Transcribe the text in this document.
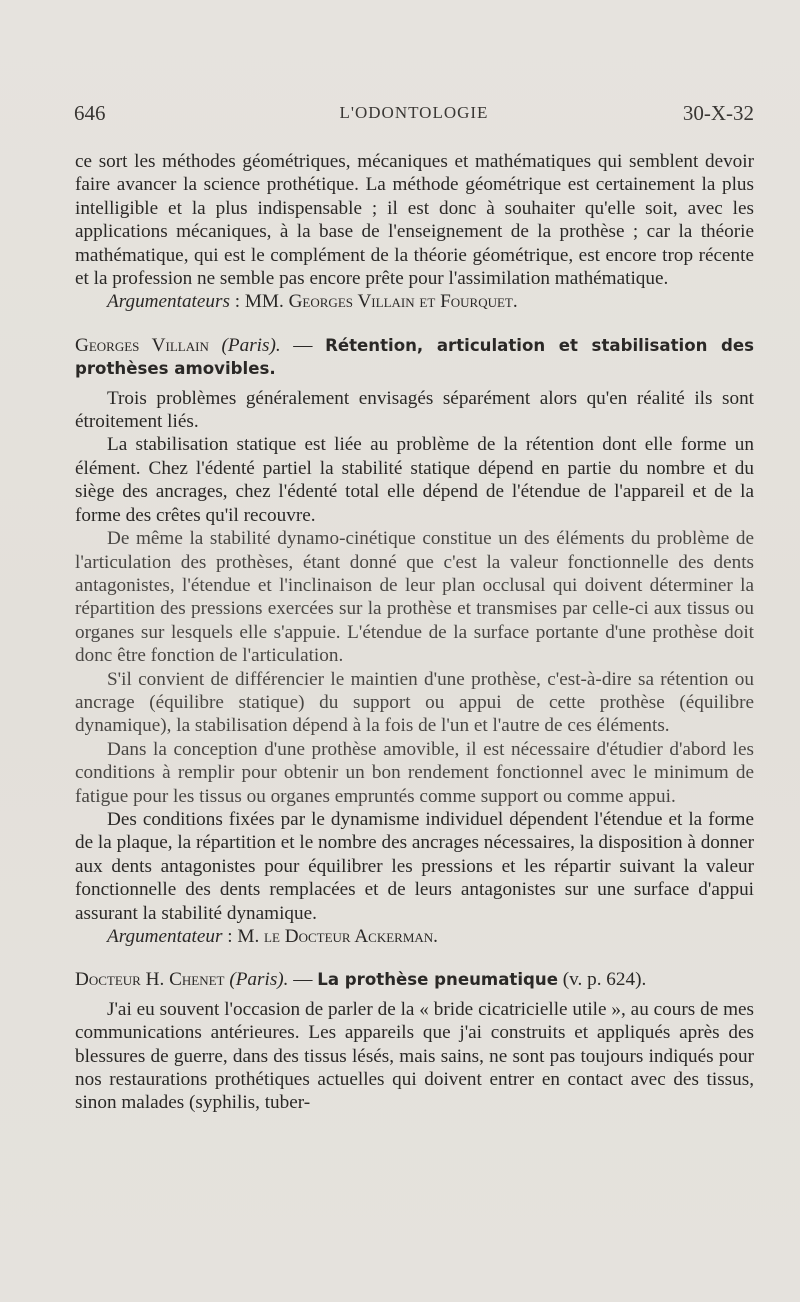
646	L'ODONTOLOGIE	30-X-32

ce sort les méthodes géométriques, mécaniques et mathématiques qui semblent devoir faire avancer la science prothétique. La méthode géométrique est certainement la plus intelligible et la plus indispensable ; il est donc à souhaiter qu'elle soit, avec les applications mécaniques, à la base de l'enseignement de la prothèse ; car la théorie mathématique, qui est le complément de la théorie géométrique, est encore trop récente et la profession ne semble pas encore prête pour l'assimilation mathématique.

Argumentateurs : MM. Georges Villain et Fourquet.

Georges Villain (Paris). — Rétention, articulation et stabilisation des prothèses amovibles.

Trois problèmes généralement envisagés séparément alors qu'en réalité ils sont étroitement liés.

La stabilisation statique est liée au problème de la rétention dont elle forme un élément. Chez l'édenté partiel la stabilité statique dépend en partie du nombre et du siège des ancrages, chez l'édenté total elle dépend de l'étendue de l'appareil et de la forme des crêtes qu'il recouvre.

De même la stabilité dynamo-cinétique constitue un des éléments du problème de l'articulation des prothèses, étant donné que c'est la valeur fonctionnelle des dents antagonistes, l'étendue et l'inclinaison de leur plan occlusal qui doivent déterminer la répartition des pressions exercées sur la prothèse et transmises par celle-ci aux tissus ou organes sur lesquels elle s'appuie. L'étendue de la surface portante d'une prothèse doit donc être fonction de l'articulation.

S'il convient de différencier le maintien d'une prothèse, c'est-à-dire sa rétention ou ancrage (équilibre statique) du support ou appui de cette prothèse (équilibre dynamique), la stabilisation dépend à la fois de l'un et l'autre de ces éléments.

Dans la conception d'une prothèse amovible, il est nécessaire d'étudier d'abord les conditions à remplir pour obtenir un bon rendement fonctionnel avec le minimum de fatigue pour les tissus ou organes empruntés comme support ou comme appui.

Des conditions fixées par le dynamisme individuel dépendent l'étendue et la forme de la plaque, la répartition et le nombre des ancrages nécessaires, la disposition à donner aux dents antagonistes pour équilibrer les pressions et les répartir suivant la valeur fonctionnelle des dents remplacées et de leurs antagonistes sur une surface d'appui assurant la stabilité dynamique.

Argumentateur : M. le Docteur Ackerman.

Docteur H. Chenet (Paris). — La prothèse pneumatique (v. p. 624).

J'ai eu souvent l'occasion de parler de la « bride cicatricielle utile », au cours de mes communications antérieures. Les appareils que j'ai construits et appliqués après des blessures de guerre, dans des tissus lésés, mais sains, ne sont pas toujours indiqués pour nos restaurations prothétiques actuelles qui doivent entrer en contact avec des tissus, sinon malades (syphilis, tuber-
